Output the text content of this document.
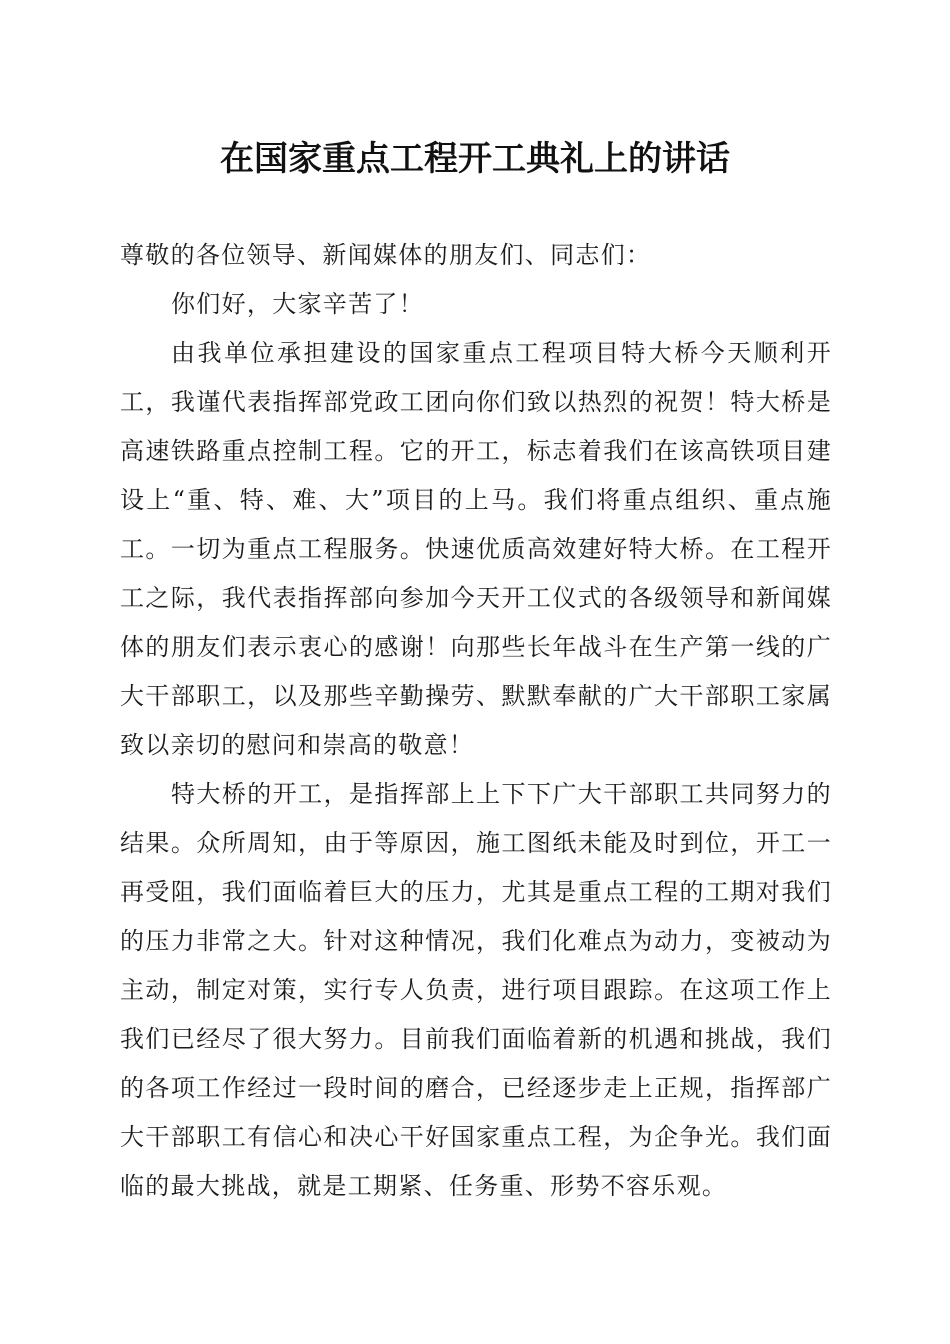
在国家重点工程开工典礼上的讲话

尊敬的各位领导、新闻媒体的朋友们、同志们：

你们好，大家辛苦了！

由我单位承担建设的国家重点工程项目特大桥今天顺利开工，我谨代表指挥部党政工团向你们致以热烈的祝贺！特大桥是高速铁路重点控制工程。它的开工，标志着我们在该高铁项目建设上“重、特、难、大”项目的上马。我们将重点组织、重点施工。一切为重点工程服务。快速优质高效建好特大桥。在工程开工之际，我代表指挥部向参加今天开工仪式的各级领导和新闻媒体的朋友们表示衷心的感谢！向那些长年战斗在生产第一线的广大干部职工，以及那些辛勤操劳、默默奉献的广大干部职工家属致以亲切的慰问和崇高的敬意！

特大桥的开工，是指挥部上上下下广大干部职工共同努力的结果。众所周知，由于等原因，施工图纸未能及时到位，开工一再受阻，我们面临着巨大的压力，尤其是重点工程的工期对我们的压力非常之大。针对这种情况，我们化难点为动力，变被动为主动，制定对策，实行专人负责，进行项目跟踪。在这项工作上我们已经尽了很大努力。目前我们面临着新的机遇和挑战，我们的各项工作经过一段时间的磨合，已经逐步走上正规，指挥部广大干部职工有信心和决心干好国家重点工程，为企争光。我们面临的最大挑战，就是工期紧、任务重、形势不容乐观。
